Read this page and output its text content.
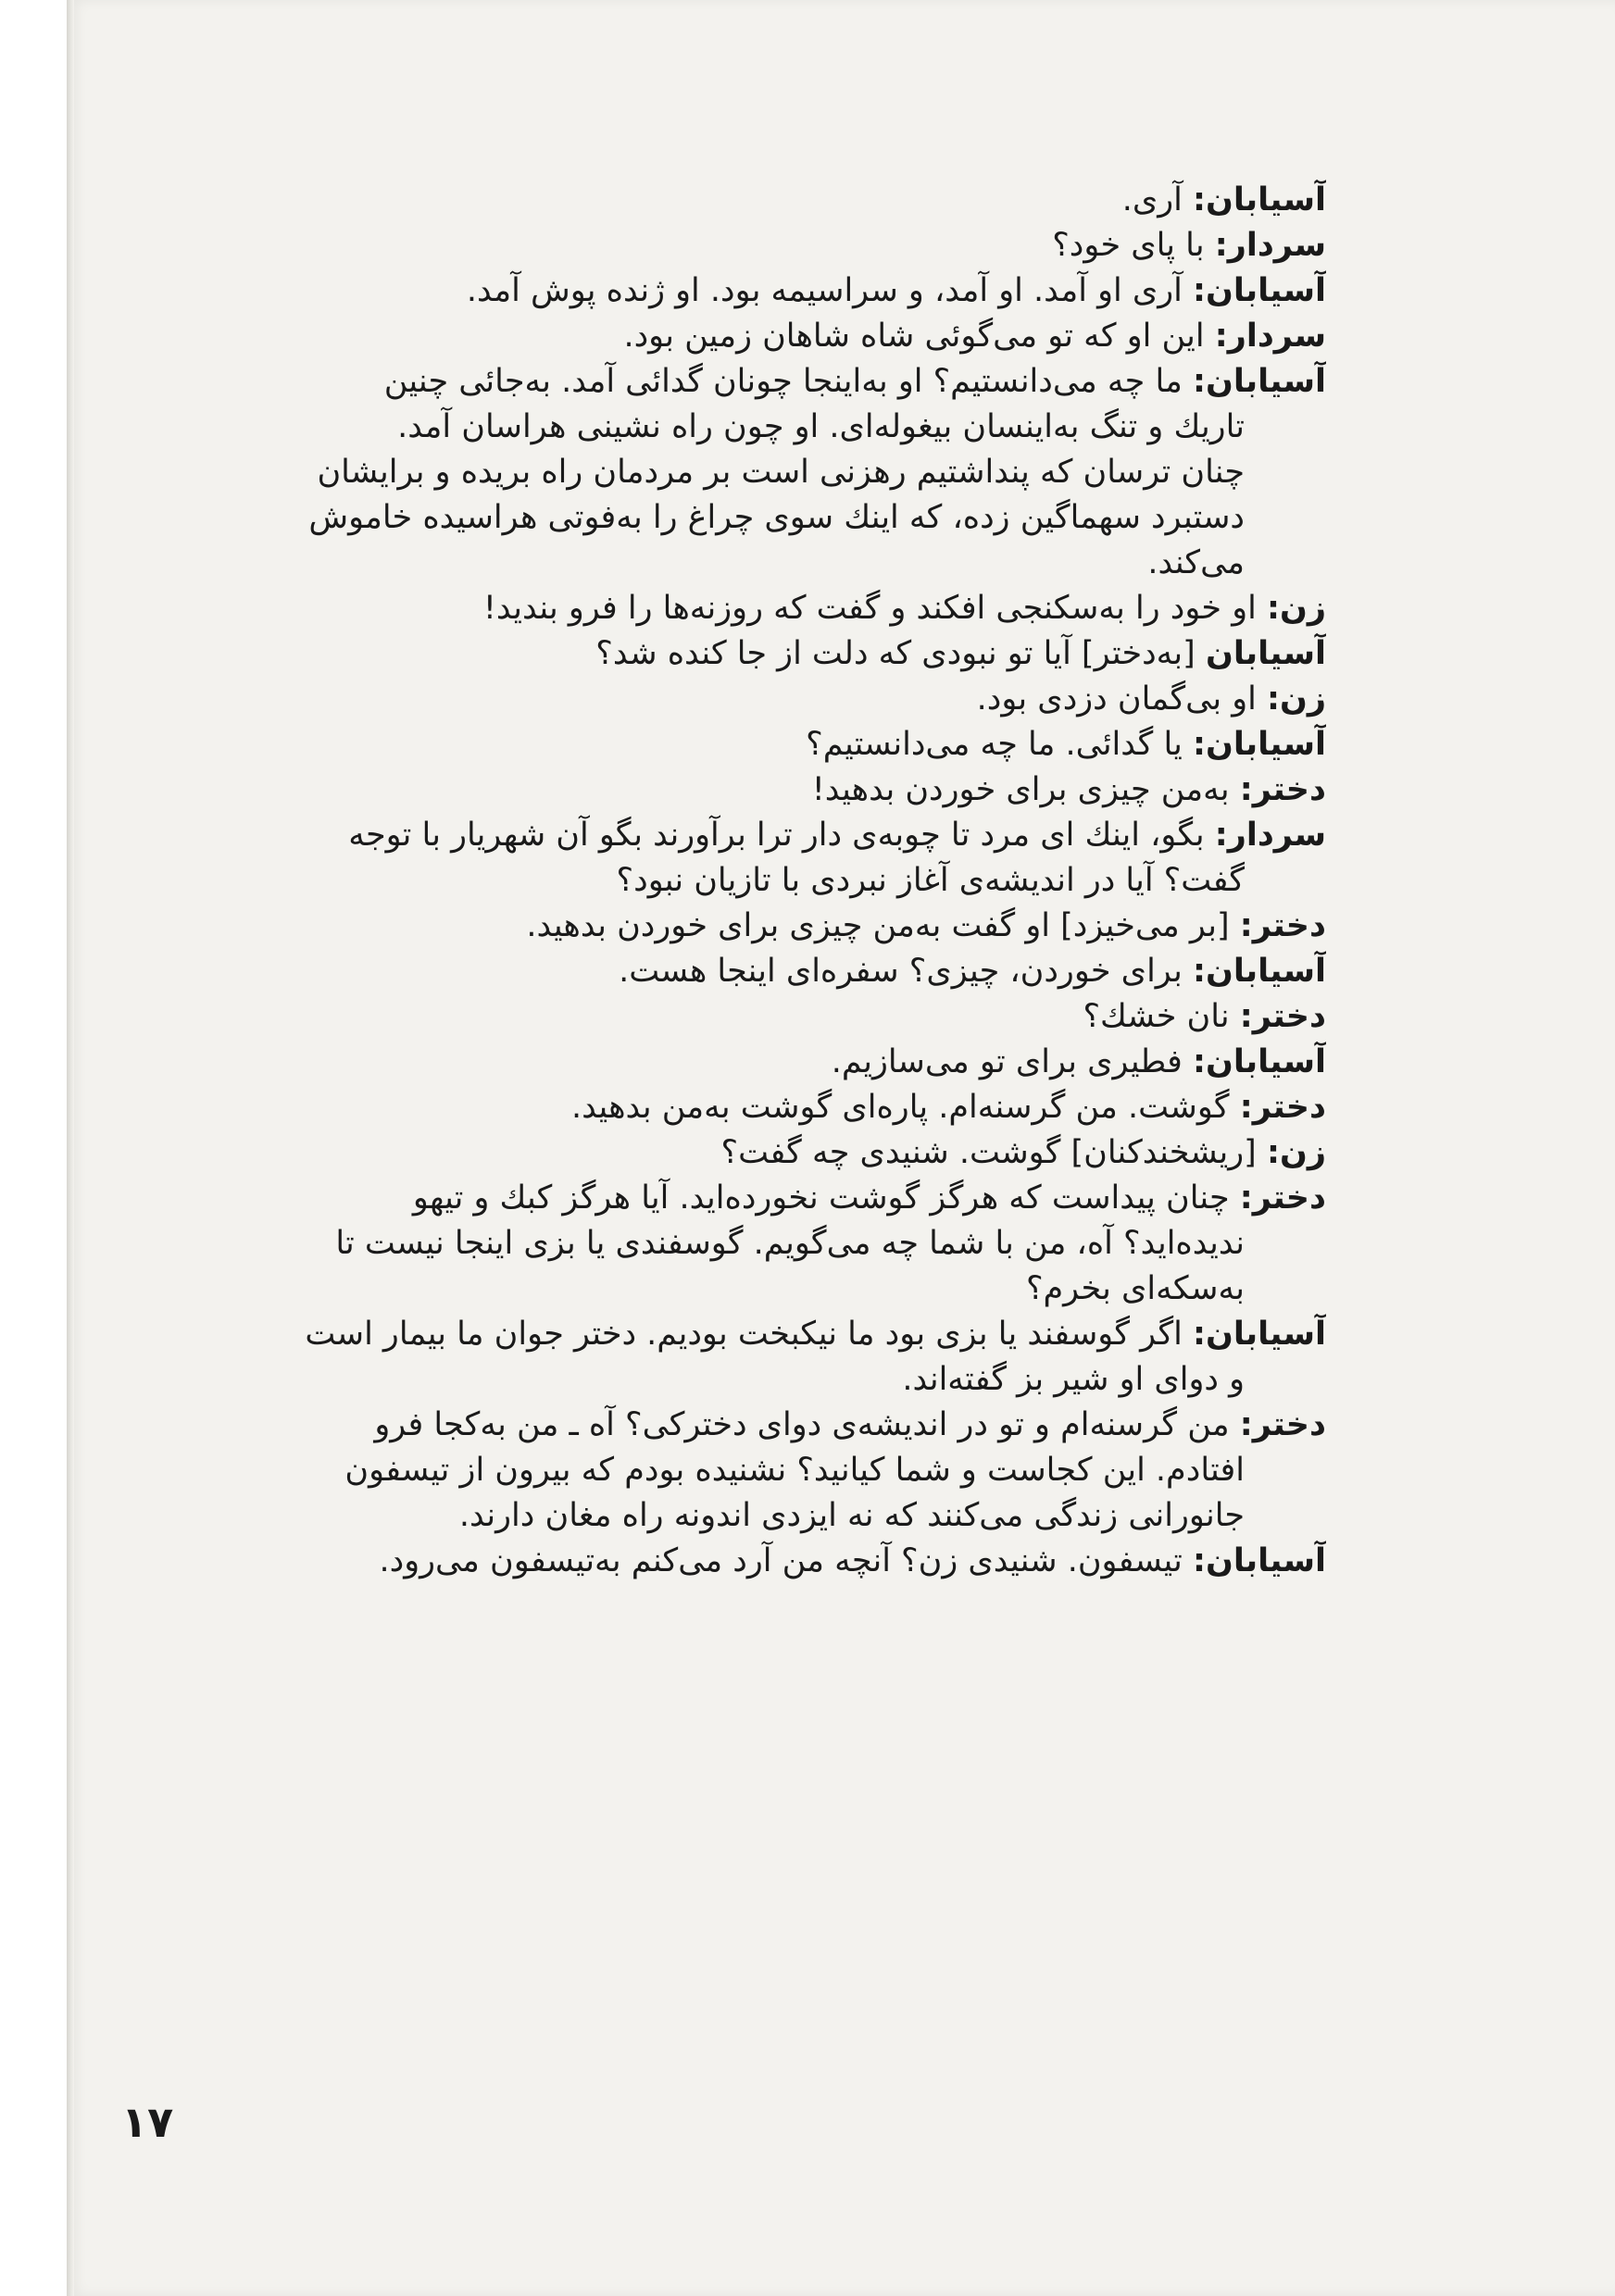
آسیابان: آری.
سردار: با پای خود؟
آسیابان: آری او آمد. او آمد، و سراسیمه بود. او ژنده پوش آمد.
سردار: این او که تو می‌گوئی شاه شاهان زمین بود.
آسیابان: ما چه می‌دانستیم؟ او به‌اینجا چونان گدائی آمد. به‌جائی چنین
تاریك و تنگ به‌اینسان بیغوله‌ای. او چون راه نشینی هراسان آمد.
چنان ترسان که پنداشتیم رهزنی است بر مردمان راه بریده و برایشان
دستبرد سهماگین زده، که اینك سوی چراغ را به‌فوتی هراسیده خاموش
می‌کند.
زن: او خود را به‌سکنجی افکند و گفت که روزنه‌ها را فرو بندید!
آسیابان [به‌دختر] آیا تو نبودی که دلت از جا کنده شد؟
زن: او بی‌گمان دزدی بود.
آسیابان: یا گدائی. ما چه می‌دانستیم؟
دختر: به‌من چیزی برای خوردن بدهید!
سردار: بگو، اینك ای مرد تا چوبه‌ی دار ترا برآورند بگو آن شهریار با توجه
گفت؟ آیا در اندیشه‌ی آغاز نبردی با تازیان نبود؟
دختر: [بر می‌خیزد] او گفت به‌من چیزی برای خوردن بدهید.
آسیابان: برای خوردن، چیزی؟ سفره‌ای اینجا هست.
دختر: نان خشك؟
آسیابان: فطیری برای تو می‌سازیم.
دختر: گوشت. من گرسنه‌ام. پاره‌ای گوشت به‌من بدهید.
زن: [ریشخندکنان] گوشت. شنیدی چه گفت؟
دختر: چنان پیداست که هرگز گوشت نخورده‌اید. آیا هرگز کبك و تیهو
ندیده‌اید؟ آه، من با شما چه می‌گویم. گوسفندی یا بزی اینجا نیست تا
به‌سکه‌ای بخرم؟
آسیابان: اگر گوسفند یا بزی بود ما نیکبخت بودیم. دختر جوان ما بیمار است
و دوای او شیر بز گفته‌اند.
دختر: من گرسنه‌ام و تو در اندیشه‌ی دوای دخترکی؟ آه ـ من به‌کجا فرو
افتادم. این کجاست و شما کیانید؟ نشنیده بودم که بیرون از تیسفون
جانورانی زندگی می‌کنند که نه ایزدی اندونه راه مغان دارند.
آسیابان: تیسفون. شنیدی زن؟ آنچه من آرد می‌کنم به‌تیسفون می‌رود.
۱۷
